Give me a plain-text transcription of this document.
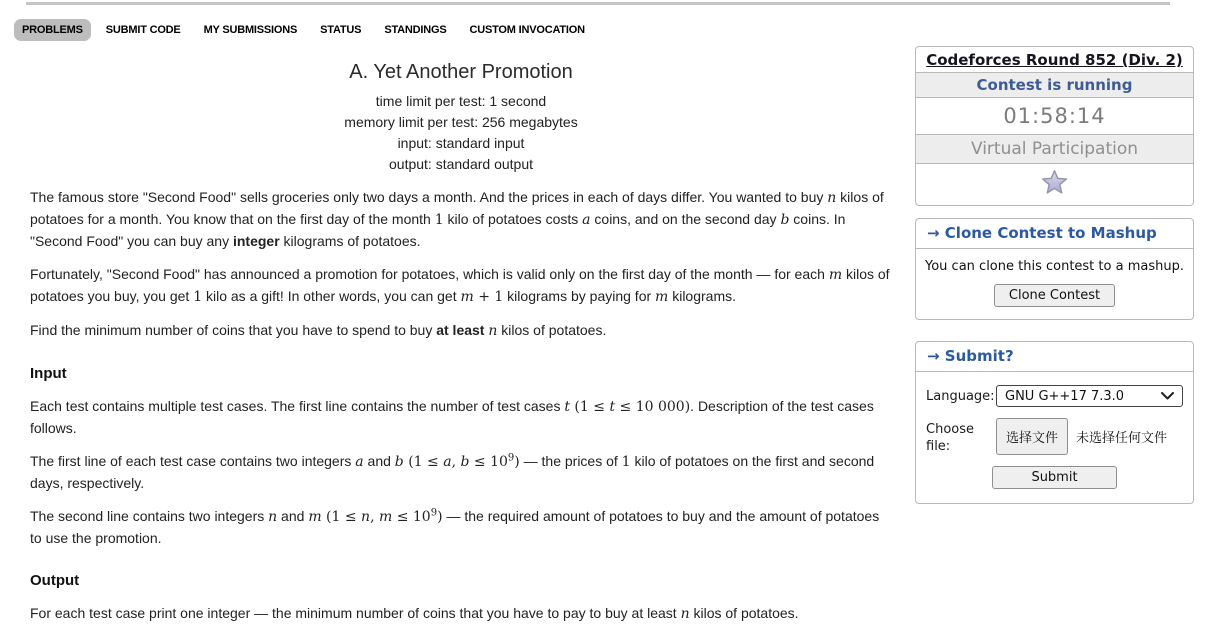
PROBLEMS	SUBMIT CODE	MY SUBMISSIONS	STATUS	STANDINGS	CUSTOM INVOCATION
A. Yet Another Promotion
time limit per test: 1 second
memory limit per test: 256 megabytes
input: standard input
output: standard output

The famous store "Second Food" sells groceries only two days a month. And the prices in each of days differ. You wanted to buy n kilos of potatoes for a month. You know that on the first day of the month 1 kilo of potatoes costs a coins, and on the second day b coins. In "Second Food" you can buy any integer kilograms of potatoes.

Fortunately, "Second Food" has announced a promotion for potatoes, which is valid only on the first day of the month — for each m kilos of potatoes you buy, you get 1 kilo as a gift! In other words, you can get m + 1 kilograms by paying for m kilograms.

Find the minimum number of coins that you have to spend to buy at least n kilos of potatoes.

Input

Each test contains multiple test cases. The first line contains the number of test cases t (1 ≤ t ≤ 10 000). Description of the test cases follows.

The first line of each test case contains two integers a and b (1 ≤ a, $b \le 10^9$) — the prices of 1 kilo of potatoes on the first and second days, respectively.

The second line contains two integers n and m (1 ≤ n, $m \le 10^9$) — the required amount of potatoes to buy and the amount of potatoes to use the promotion.

Output

For each test case print one integer — the minimum number of coins that you have to pay to buy at least n kilos of potatoes.

Codeforces Round 852 (Div. 2)
Contest is running
01:58:14
Virtual Participation
→ Clone Contest to Mashup
You can clone this contest to a mashup.
Clone Contest
→ Submit?
Language: GNU G++17 7.3.0
Choose file:
选择文件	未选择任何文件
Submit
